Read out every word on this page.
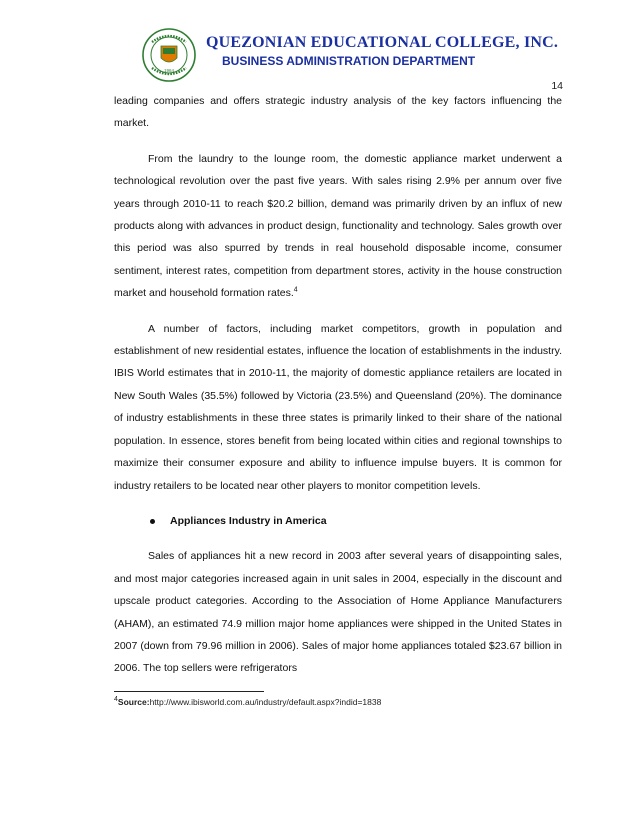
1964
QUEZONIAN EDUCATIONAL COLLEGE, INC.
BUSINESS ADMINISTRATION DEPARTMENT
14

leading companies and offers strategic industry analysis of the key factors influencing the market.

From the laundry to the lounge room, the domestic appliance market underwent a technological revolution over the past five years. With sales rising 2.9% per annum over five years through 2010-11 to reach $20.2 billion, demand was primarily driven by an influx of new products along with advances in product design, functionality and technology. Sales growth over this period was also spurred by trends in real household disposable income, consumer sentiment, interest rates, competition from department stores, activity in the house construction market and household formation rates.$^4$

A number of factors, including market competitors, growth in population and establishment of new residential estates, influence the location of establishments in the industry. IBIS World estimates that in 2010-11, the majority of domestic appliance retailers are located in New South Wales (35.5%) followed by Victoria (23.5%) and Queensland (20%). The dominance of industry establishments in these three states is primarily linked to their share of the national population. In essence, stores benefit from being located within cities and regional townships to maximize their consumer exposure and ability to influence impulse buyers. It is common for industry retailers to be located near other players to monitor competition levels.

Appliances Industry in America

Sales of appliances hit a new record in 2003 after several years of disappointing sales, and most major categories increased again in unit sales in 2004, especially in the discount and upscale product categories. According to the Association of Home Appliance Manufacturers (AHAM), an estimated 74.9 million major home appliances were shipped in the United States in 2007 (down from 79.96 million in 2006). Sales of major home appliances totaled $23.67 billion in 2006. The top sellers were refrigerators

$^4$Source:http://www.ibisworld.com.au/industry/default.aspx?indid=1838
